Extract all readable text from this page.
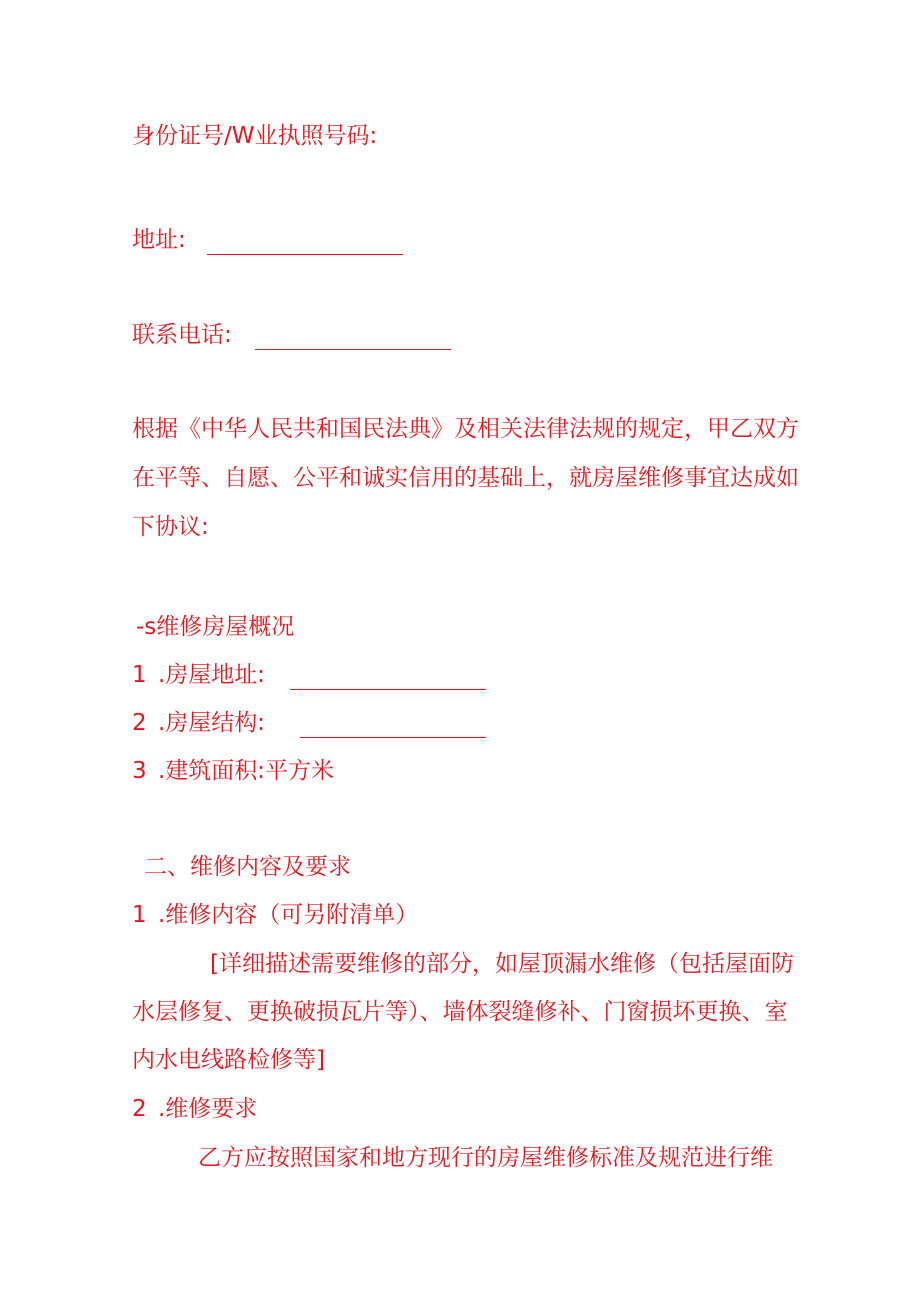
身份证号/W业执照号码:
地址:
联系电话:
根据《中华人民共和国民法典》及相关法律法规的规定，甲乙双方
在平等、自愿、公平和诚实信用的基础上，就房屋维修事宜达成如
下协议:
-s维修房屋概况
1 .房屋地址:
2 .房屋结构:
3 .建筑面积:平方米
二、维修内容及要求
1 .维修内容（可另附清单）
[详细描述需要维修的部分，如屋顶漏水维修（包括屋面防
水层修复、更换破损瓦片等）、墙体裂缝修补、门窗损坏更换、室
内水电线路检修等]
2 .维修要求
乙方应按照国家和地方现行的房屋维修标准及规范进行维
